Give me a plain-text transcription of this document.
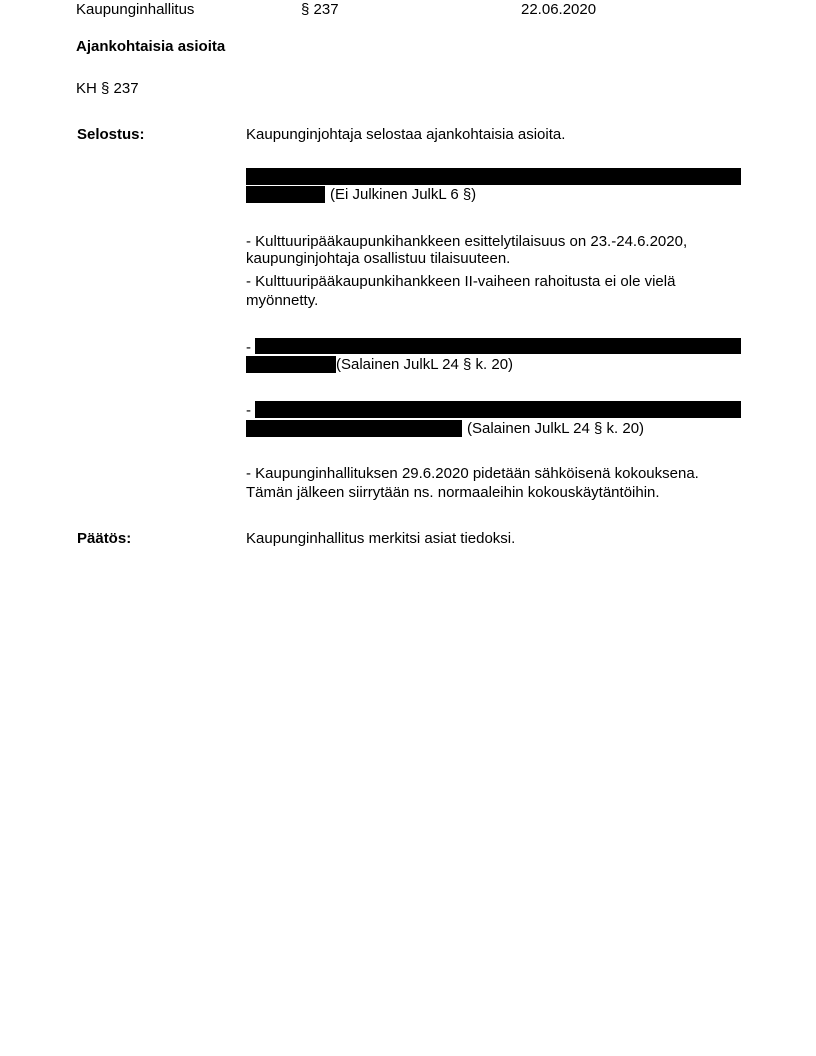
Kaupunginhallitus	§ 237	22.06.2020
Ajankohtaisia asioita
KH § 237
Selostus:	Kaupunginjohtaja selostaa ajankohtaisia asioita.
(Ei Julkinen JulkL 6 §)
- Kulttuuripääkaupunkihankkeen esittelytilaisuus on 23.-24.6.2020,
kaupunginjohtaja osallistuu tilaisuuteen.
- Kulttuuripääkaupunkihankkeen II-vaiheen rahoitusta ei ole vielä
myönnetty.
-
(Salainen JulkL 24 § k. 20)
-
(Salainen JulkL 24 § k. 20)
- Kaupunginhallituksen 29.6.2020 pidetään sähköisenä kokouksena.
Tämän jälkeen siirrytään ns. normaaleihin kokouskäytäntöihin.
Päätös:	Kaupunginhallitus merkitsi asiat tiedoksi.
